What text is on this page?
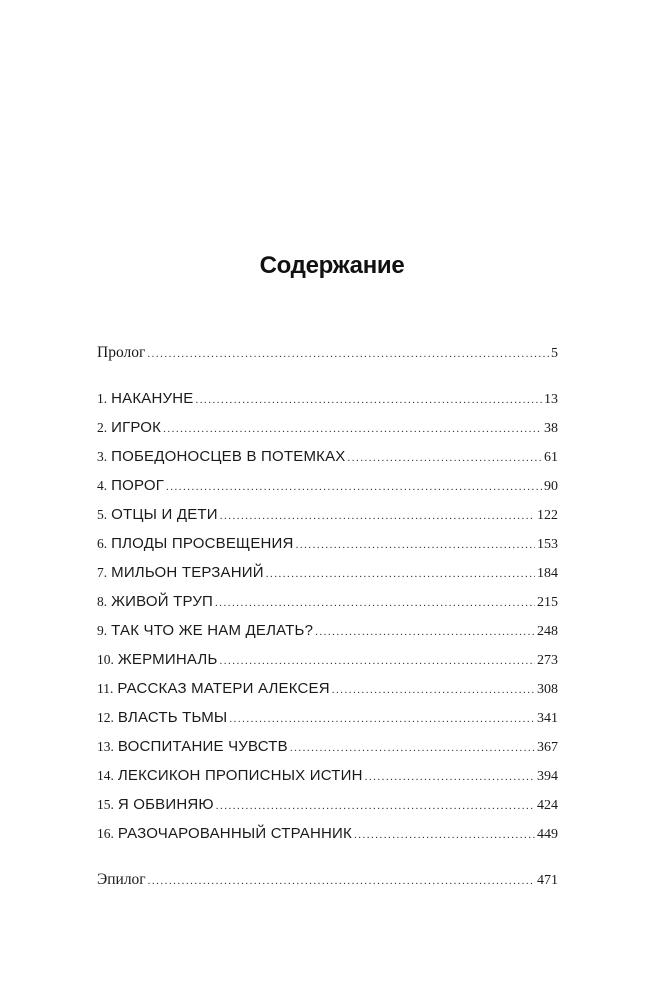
Содержание
Пролог .....	5
1. НАКАНУНЕ .....	13
2. ИГРОК .....	38
3. ПОБЕДОНОСЦЕВ В ПОТЕМКАХ .....	61
4. ПОРОГ .....	90
5. ОТЦЫ И ДЕТИ .....	122
6. ПЛОДЫ ПРОСВЕЩЕНИЯ .....	153
7. МИЛЬОН ТЕРЗАНИЙ .....	184
8. ЖИВОЙ ТРУП .....	215
9. ТАК ЧТО ЖЕ НАМ ДЕЛАТЬ? .....	248
10. ЖЕРМИНАЛЬ .....	273
11. РАССКАЗ МАТЕРИ АЛЕКСЕЯ .....	308
12. ВЛАСТЬ ТЬМЫ .....	341
13. ВОСПИТАНИЕ ЧУВСТВ .....	367
14. ЛЕКСИКОН ПРОПИСНЫХ ИСТИН .....	394
15. Я ОБВИНЯЮ .....	424
16. РАЗОЧАРОВАННЫЙ СТРАННИК .....	449
Эпилог .....	471
